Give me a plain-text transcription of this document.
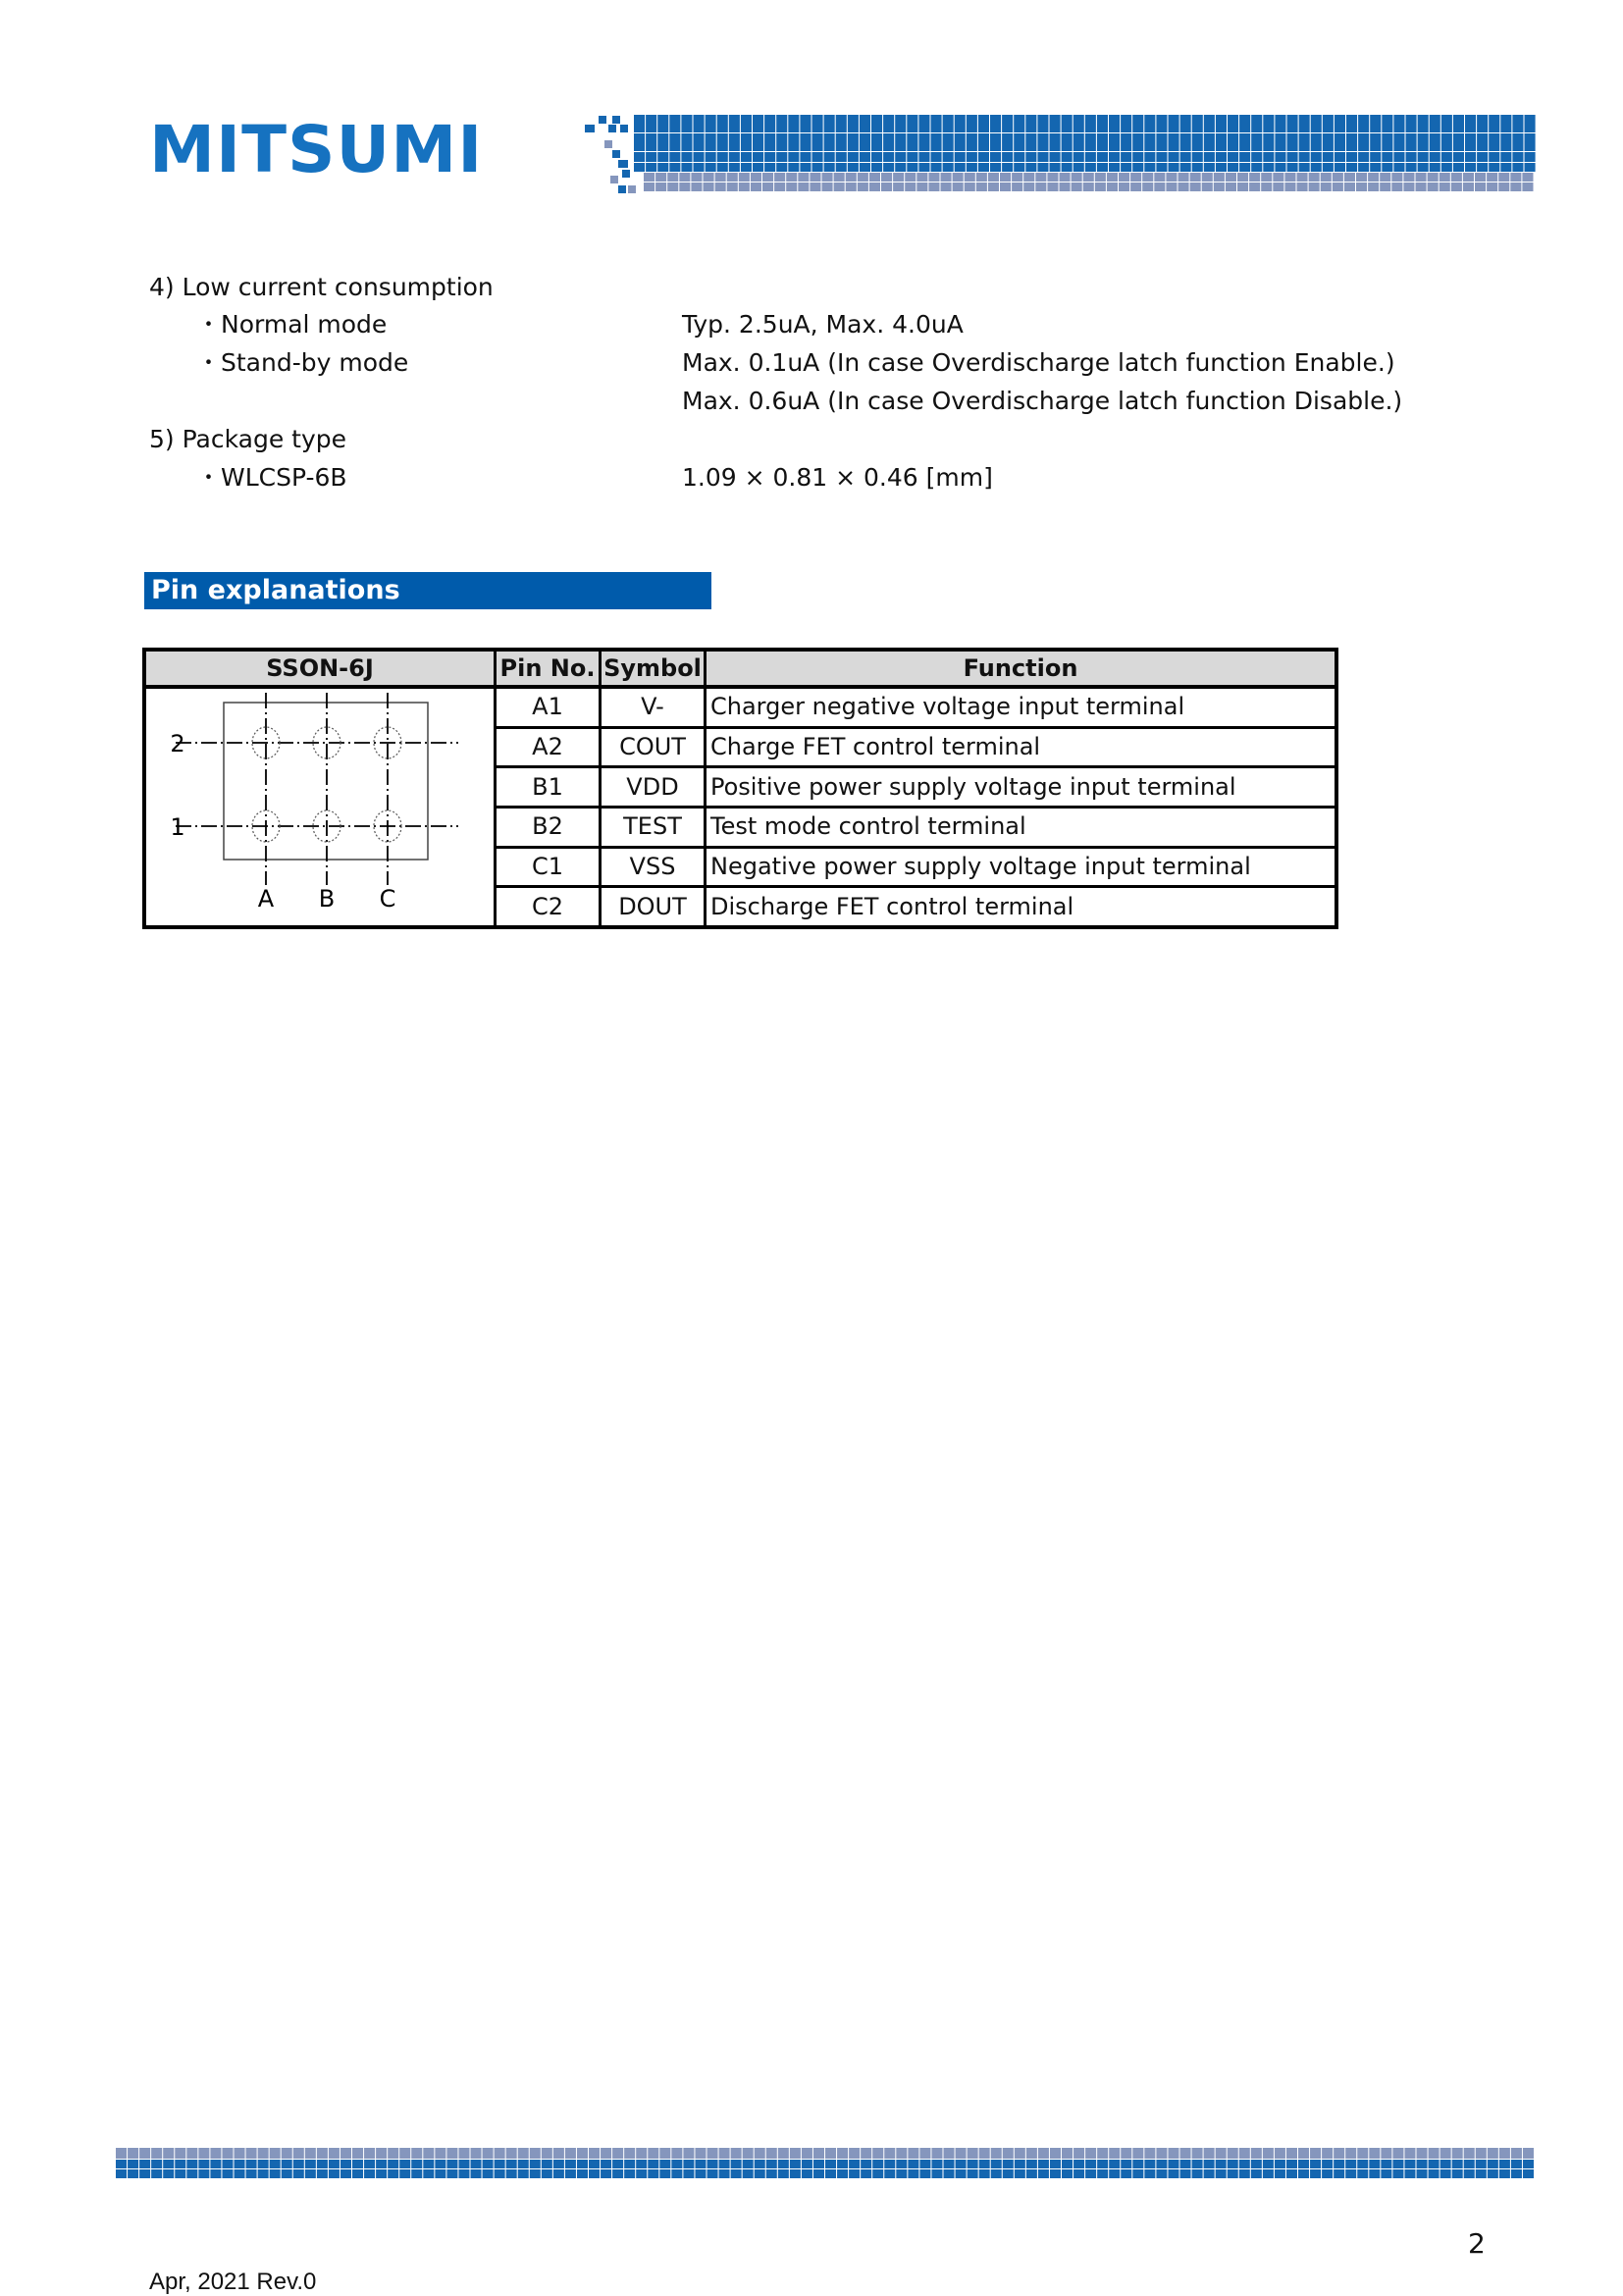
MITSUMI
4) Low current consumption
・ Normal mode	Typ. 2.5uA, Max. 4.0uA
・ Stand-by mode	Max. 0.1uA (In case Overdischarge latch function Enable.)
Max. 0.6uA (In case Overdischarge latch function Disable.)
5) Package type
・ WLCSP-6B	1.09 × 0.81 × 0.46 [mm]
Pin explanations
SSON-6J	Pin No.	Symbol	Function

2
1
A B C	A1	V-	Charger negative voltage input terminal
	A2	COUT	Charge FET control terminal
	B1	VDD	Positive power supply voltage input terminal
	B2	TEST	Test mode control terminal
	C1	VSS	Negative power supply voltage input terminal
	C2	DOUT	Discharge FET control terminal
2
Apr, 2021 Rev.0
